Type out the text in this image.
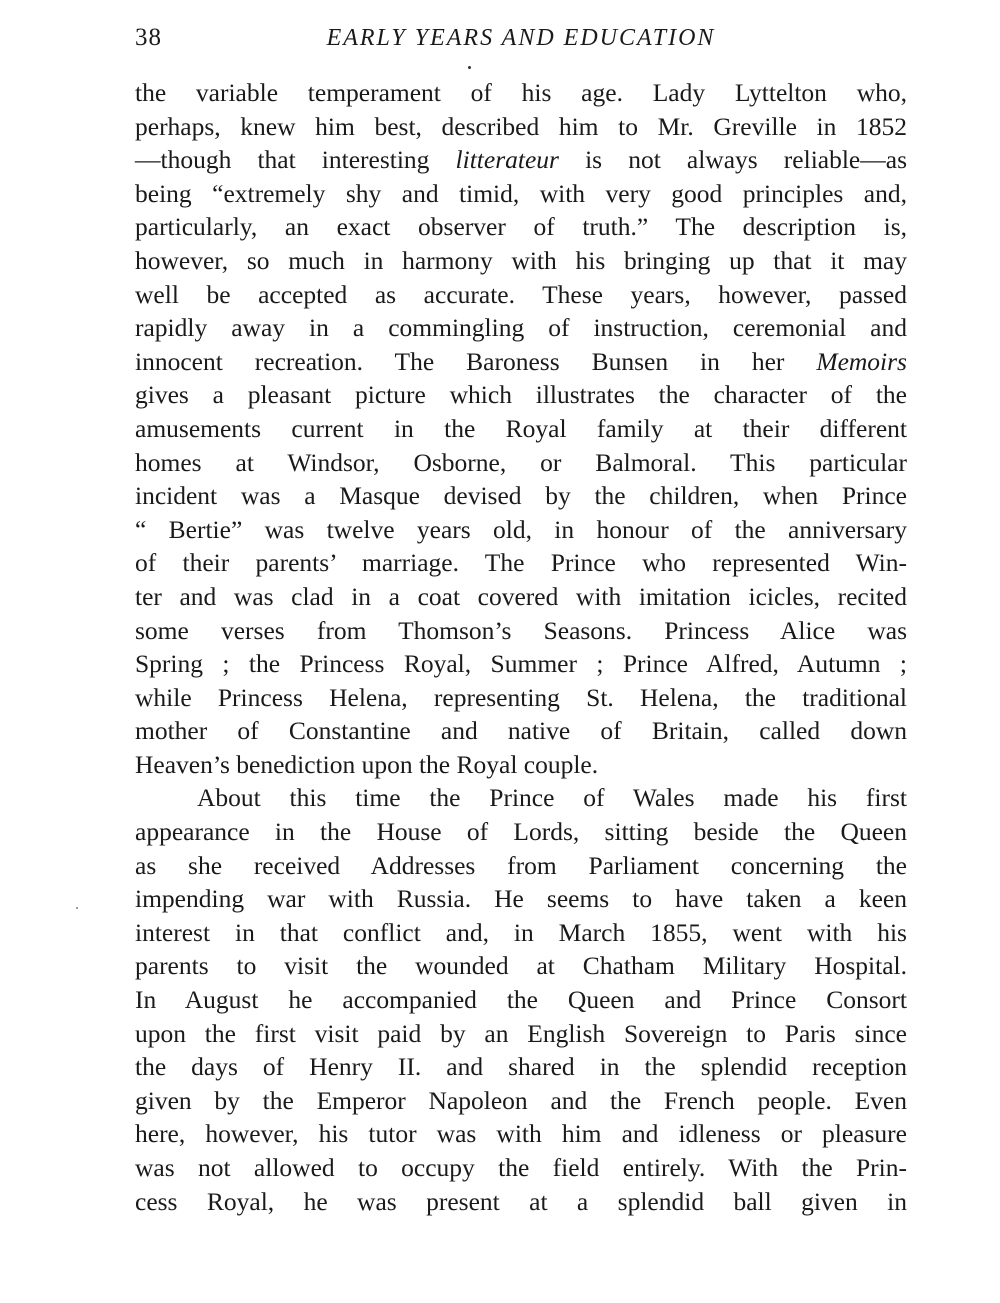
38	EARLY YEARS AND EDUCATION
the variable temperament of his age. Lady Lyttelton who,
perhaps, knew him best, described him to Mr. Greville in 1852
—though that interesting litterateur is not always reliable—as
being “extremely shy and timid, with very good principles and,
particularly, an exact observer of truth.” The description is,
however, so much in harmony with his bringing up that it may
well be accepted as accurate. These years, however, passed
rapidly away in a commingling of instruction, ceremonial and
innocent recreation. The Baroness Bunsen in her Memoirs
gives a pleasant picture which illustrates the character of the
amusements current in the Royal family at their different
homes at Windsor, Osborne, or Balmoral. This particular
incident was a Masque devised by the children, when Prince
“ Bertie” was twelve years old, in honour of the anniversary
of their parents’ marriage. The Prince who represented Win-
ter and was clad in a coat covered with imitation icicles, recited
some verses from Thomson’s Seasons. Princess Alice was
Spring ; the Princess Royal, Summer ; Prince Alfred, Autumn ;
while Princess Helena, representing St. Helena, the traditional
mother of Constantine and native of Britain, called down
Heaven’s benediction upon the Royal couple.
About this time the Prince of Wales made his first
appearance in the House of Lords, sitting beside the Queen
as she received Addresses from Parliament concerning the
impending war with Russia. He seems to have taken a keen
interest in that conflict and, in March 1855, went with his
parents to visit the wounded at Chatham Military Hospital.
In August he accompanied the Queen and Prince Consort
upon the first visit paid by an English Sovereign to Paris since
the days of Henry II. and shared in the splendid reception
given by the Emperor Napoleon and the French people. Even
here, however, his tutor was with him and idleness or pleasure
was not allowed to occupy the field entirely. With the Prin-
cess Royal, he was present at a splendid ball given in
